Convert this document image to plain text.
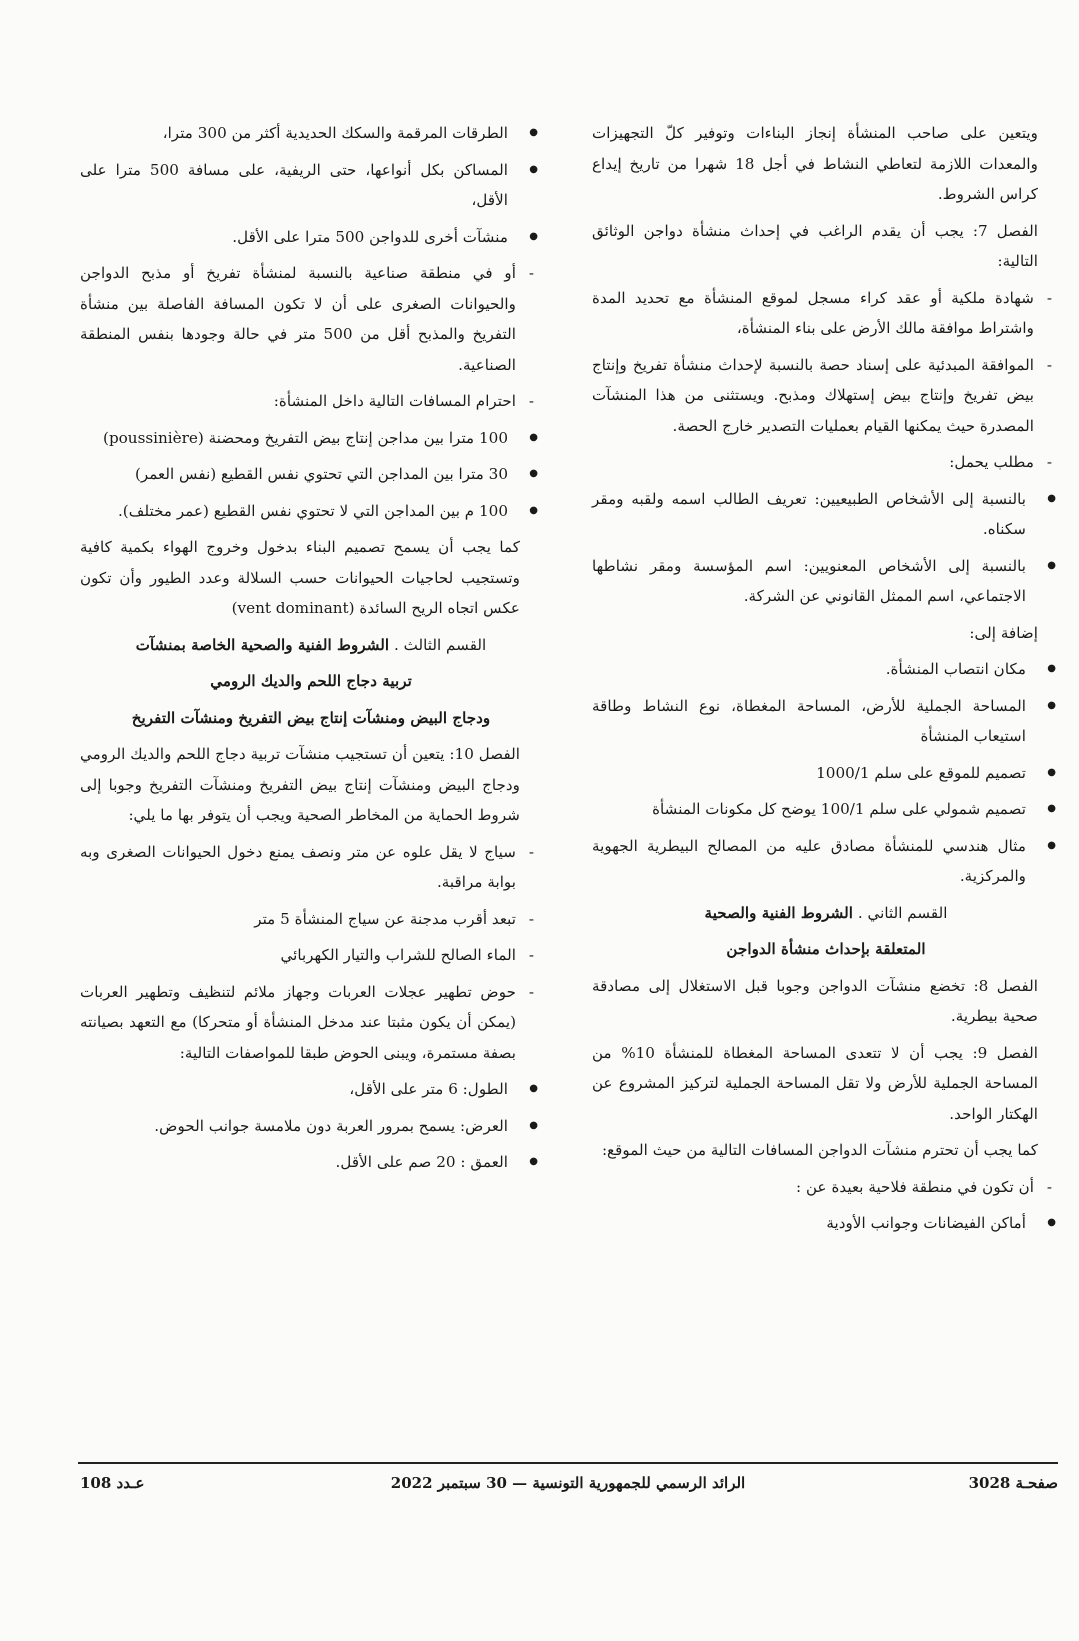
ويتعين على صاحب المنشأة إنجاز البناءات وتوفير كلّ التجهيزات والمعدات اللازمة لتعاطي النشاط في أجل 18 شهرا من تاريخ إيداع كراس الشروط.

الفصل 7: يجب أن يقدم الراغب في إحداث منشأة دواجن الوثائق التالية:

- شهادة ملكية أو عقد كراء مسجل لموقع المنشأة مع تحديد المدة واشتراط موافقة مالك الأرض على بناء المنشأة،
- الموافقة المبدئية على إسناد حصة بالنسبة لإحداث منشأة تفريخ وإنتاج بيض تفريخ وإنتاج بيض إستهلاك ومذبح. ويستثنى من هذا المنشآت المصدرة حيث يمكنها القيام بعمليات التصدير خارج الحصة.
- مطلب يحمل:
● بالنسبة إلى الأشخاص الطبيعيين: تعريف الطالب اسمه ولقبه ومقر سكناه.
● بالنسبة إلى الأشخاص المعنويين: اسم المؤسسة ومقر نشاطها الاجتماعي، اسم الممثل القانوني عن الشركة.

إضافة إلى:

● مكان انتصاب المنشأة.
● المساحة الجملية للأرض، المساحة المغطاة، نوع النشاط وطاقة استيعاب المنشأة
● تصميم للموقع على سلم 1000/1
● تصميم شمولي على سلم 100/1 يوضح كل مكونات المنشأة
● مثال هندسي للمنشأة مصادق عليه من المصالح البيطرية الجهوية والمركزية.
القسم الثاني . الشروط الفنية والصحية
المتعلقة بإحداث منشأة الدواجن

الفصل 8: تخضع منشآت الدواجن وجوبا قبل الاستغلال إلى مصادقة صحية بيطرية.

الفصل 9: يجب أن لا تتعدى المساحة المغطاة للمنشأة 10% من المساحة الجملية للأرض ولا تقل المساحة الجملية لتركيز المشروع عن الهكتار الواحد.

كما يجب أن تحترم منشآت الدواجن المسافات التالية من حيث الموقع:

- أن تكون في منطقة فلاحية بعيدة عن :
● أماكن الفيضانات وجوانب الأودية
● الطرقات المرقمة والسكك الحديدية أكثر من 300 مترا،
● المساكن بكل أنواعها، حتى الريفية، على مسافة 500 مترا على الأقل،
● منشآت أخرى للدواجن 500 مترا على الأقل.
- أو في منطقة صناعية بالنسبة لمنشأة تفريخ أو مذبح الدواجن والحيوانات الصغرى على أن لا تكون المسافة الفاصلة بين منشأة التفريخ والمذبح أقل من 500 متر في حالة وجودها بنفس المنطقة الصناعية.
- احترام المسافات التالية داخل المنشأة:
● 100 مترا بين مداجن إنتاج بيض التفريخ ومحضنة (poussinière)
● 30 مترا بين المداجن التي تحتوي نفس القطيع (نفس العمر)
● 100 م بين المداجن التي لا تحتوي نفس القطيع (عمر مختلف).

كما يجب أن يسمح تصميم البناء بدخول وخروج الهواء بكمية كافية وتستجيب لحاجيات الحيوانات حسب السلالة وعدد الطيور وأن تكون عكس اتجاه الريح السائدة (vent dominant)

القسم الثالث . الشروط الفنية والصحية الخاصة بمنشآت
تربية دجاج اللحم والديك الرومي
ودجاج البيض ومنشآت إنتاج بيض التفريخ ومنشآت التفريخ

الفصل 10: يتعين أن تستجيب منشآت تربية دجاج اللحم والديك الرومي ودجاج البيض ومنشآت إنتاج بيض التفريخ ومنشآت التفريخ وجوبا إلى شروط الحماية من المخاطر الصحية ويجب أن يتوفر بها ما يلي:

- سياج لا يقل علوه عن متر ونصف يمنع دخول الحيوانات الصغرى وبه بوابة مراقبة.
- تبعد أقرب مدجنة عن سياج المنشأة 5 متر
- الماء الصالح للشراب والتيار الكهربائي
- حوض تطهير عجلات العربات وجهاز ملائم لتنظيف وتطهير العربات (يمكن أن يكون مثبتا عند مدخل المنشأة أو متحركا) مع التعهد بصيانته بصفة مستمرة، ويبنى الحوض طبقا للمواصفات التالية:
● الطول: 6 متر على الأقل،
● العرض: يسمح بمرور العربة دون ملامسة جوانب الحوض.
● العمق : 20 صم على الأقل.
عـدد 108	الرائد الرسمي للجمهورية التونسية — 30 سبتمبر 2022	صفحـة 3028
